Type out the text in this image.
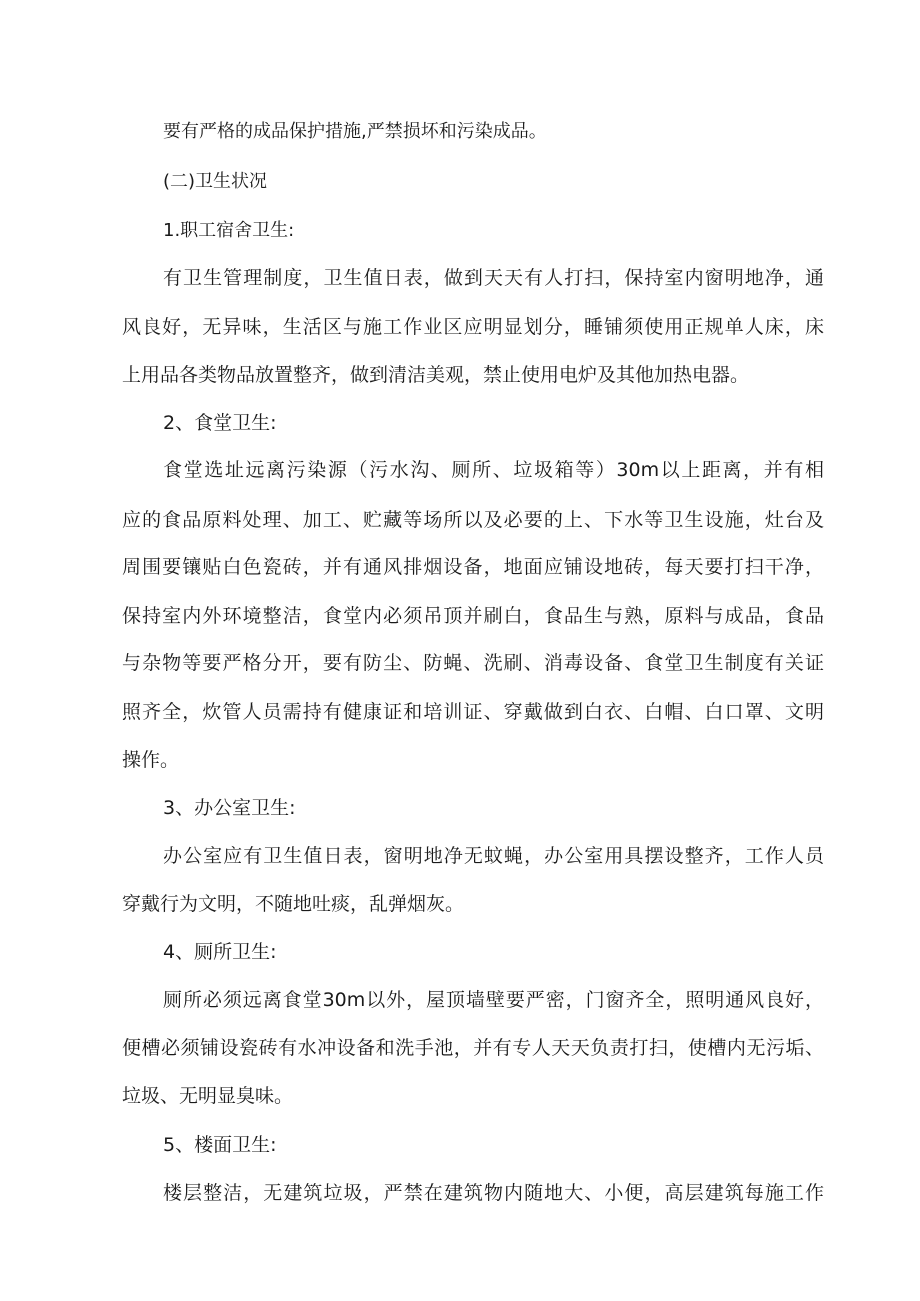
要有严格的成品保护措施,严禁损坏和污染成品。
(二)卫生状况
1.职工宿舍卫生:
有卫生管理制度，卫生值日表，做到天天有人打扫，保持室内窗明地净，通
风良好，无异味，生活区与施工作业区应明显划分，睡铺须使用正规单人床，床
上用品各类物品放置整齐，做到清洁美观，禁止使用电炉及其他加热电器。
2、食堂卫生:
食堂选址远离污染源（污水沟、厕所、垃圾箱等）30m以上距离，并有相
应的食品原料处理、加工、贮藏等场所以及必要的上、下水等卫生设施，灶台及
周围要镶贴白色瓷砖，并有通风排烟设备，地面应铺设地砖，每天要打扫干净，
保持室内外环境整洁，食堂内必须吊顶并刷白，食品生与熟，原料与成品，食品
与杂物等要严格分开，要有防尘、防蝇、洗刷、消毒设备、食堂卫生制度有关证
照齐全，炊管人员需持有健康证和培训证、穿戴做到白衣、白帽、白口罩、文明
操作。
3、办公室卫生:
办公室应有卫生值日表，窗明地净无蚊蝇，办公室用具摆设整齐，工作人员
穿戴行为文明，不随地吐痰，乱弹烟灰。
4、厕所卫生:
厕所必须远离食堂30m以外，屋顶墙壁要严密，门窗齐全，照明通风良好，
便槽必须铺设瓷砖有水冲设备和洗手池，并有专人天天负责打扫，使槽内无污垢、
垃圾、无明显臭味。
5、楼面卫生:
楼层整洁，无建筑垃圾，严禁在建筑物内随地大、小便，高层建筑每施工作
